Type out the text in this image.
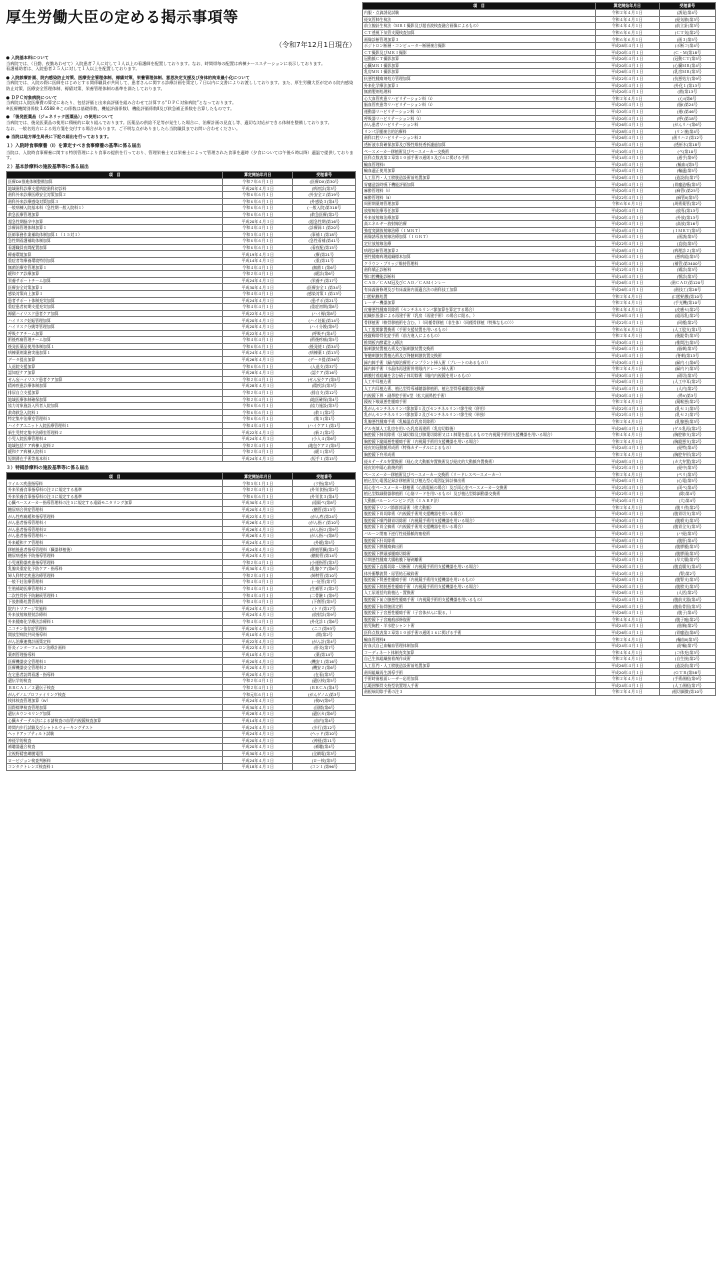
厚生労働大臣の定める掲示事項等
（令和7年12月1日現在）
● 入院基本料について

当病院では、（日勤、夜勤あわせて）入院患者７人に対して１人以上の看護師を配置しております。なお、時間帯毎の配置は病棟ナースステーションに表示しております。

看護補助者は、入院患者２５人に対して１人以上を配置しております。

● 入院診療計画、院内感染防止対策、医療安全管理体制、褥瘡対策、栄養管理体制、意思決定支援及び身体的拘束最小化について

当病院では、入院の際に医師をはじめとする関係職員が共同して、患者さんに関する診療計画を策定し７日以内に文書によりお渡ししております。また、厚生労働大臣が定める院内感染防止対策、医療安全管理体制、褥瘡対策、栄養管理体制の基準を満たしております。

● ＤＰＣ対象病院について

当病院は入院医療費の算定にあたり、包括評価と出来高評価を組み合わせて計算する“ＤＰＣ対象病院”となっております。

※医療機関別係数 1.6588 ※この係数は基礎係数、機能評価係数Ⅰ、機能評価係数Ⅱ及び救急補正係数を合算したものです。

● 「後発医薬品（ジェネリック医薬品）」の使用について

当病院では、後発医薬品の使用に積極的に取り組んでおります。医薬品の供給不足等が発生した場合に、治療計画の見直し等、適切な対応ができる体制を整備しております。

なお、一般名処方による処方箋を交付する場合があります。ご不明な点がありましたら当院職員までお問い合わせください。

● 当院は地方厚生局長に下記の届出を行っております。
１）入院時食事療養（Ⅰ）を算定すべき食事療養の基準に係る届出
当院は、入院時食事療養に関する特別管理により食事の提供を行っており、管理栄養士又は栄養士によって管理された食事を適時（夕食については午後６時以降）適温で提供しております。
２）基本診療料の施設基準等に係る届出
項　目	算定開始年月日	受理番号
医療DX推進体制整備加算	令和７年６月１日	(医療DX)第30号
地域歯科診療支援病院歯科初診料	平成20年４月１日	(病初診)第3号
歯科外来診療医療安全対策加算２	令和６年６月１日	(外安全２)第19号
歯科外来診療感染対策加算３	令和６年６月１日	(外感染３)第4号
一般病棟入院基本料（急性期一般入院料１）	令和６年６月１日	(一般入院)第318号
救急医療管理加算	令和６年６月１日	(救急医療)第2号
超急性期脳卒中加算	平成20年４月１日	(超急性期)第16号
診療録管理体制加算１	令和４年４月１日	(診療録１)第20号
医師事務作業補助体制加算１（１５対１）	令和５年４月１日	(事補１)第18号
急性期看護補助体制加算	令和６年６月１日	(急性看補)第41号
看護職員夜間配置加算	令和６年６月１日	(看夜配)第15号
療養環境加算	平成19年４月１日	(療)第21号
重症者等療養環境特別加算	平成14年４月１日	(重)第11号
無菌治療室管理加算１	令和４年４月１日	(無菌１)第6号
緩和ケア診療加算	令和２年４月１日	(緩診)第6号
栄養サポートチーム加算	平成24年４月１日	(栄養チ)第17号
医療安全対策加算１	平成30年４月１日	(医療安全１)第34号
感染対策向上加算１	令和４年４月１日	(感染対策１)第13号
患者サポート体制充実加算	平成24年４月１日	(患サポ)第21号
重症患者初期支援充実加算	令和４年４月１日	(重症初期)第8号
褥瘡ハイリスク患者ケア加算	平成22年４月１日	(ハイ褥)第8号
ハイリスク妊娠管理加算	平成20年４月１日	(ハイ妊娠)第14号
ハイリスク分娩等管理加算	平成20年４月１日	(ハイ分娩)第9号
呼吸ケアチーム加算	平成22年４月１日	(呼吸チ)第4号
術後疼痛管理チーム加算	令和４年４月１日	(術後疼痛)第5号
後発医薬品使用体制加算１	令和６年６月１日	(後発使１)第34号
病棟薬剤業務実施加算１	平成24年４月１日	(病棟薬１)第13号
データ提出加算	平成26年４月１日	(データ提)第36号
入退院支援加算	令和６年６月１日	(入退支)第37号
認知症ケア加算	平成28年４月１日	(認ケア)第16号
せん妄ハイリスク患者ケア加算	令和２年４月１日	(せん妄ケア)第5号
精神疾患診療体制加算	平成28年４月１日	(精疾診)第3号
排尿自立支援加算	令和２年４月１日	(排自支)第12号
地域医療体制確保加算	令和２年４月１日	(地医確保)第4号
協力対象施設入所者入院加算	令和６年６月１日	(協力施設)第3号
救命救急入院料１	令和６年６月１日	(救１)第2号
特定集中治療室管理料５	令和６年６月１日	(集５)第1号
ハイケアユニット入院医療管理料１	令和４年４月１日	(ハイケア１)第1号
新生児特定集中治療室管理料２	平成22年４月１日	(新２)第2号
小児入院医療管理料４	平成24年４月１日	(小入４)第6号
地域包括ケア病棟入院料２	令和２年４月１日	(地包ケア２)第5号
緩和ケア病棟入院料１	令和２年４月１日	(緩１)第3号
短期滞在手術等基本料１	平成24年４月１日	(短手１)第15号
３）特掲診療料の施設基準等に係る届出
項　目	算定開始年月日	受理番号
ウイルス疾患指導料	令和５年１月１日	(ウ指)第3号
外来栄養食事指導料の注２に規定する基準	令和２年４月１日	(外栄食指)第2号
外来栄養食事指導料の注３に規定する基準	令和６年６月１日	(外栄食３)第4号
心臓ペースメーカー指導管理料の注５に規定する遠隔モニタリング加算	平成30年４月１日	(遠隔ペ)第8号
糖尿病合併症管理料	平成20年４月１日	(糖管)第13号
がん性疼痛緩和指導管理料	平成22年４月１日	(がん疼)第24号
がん患者指導管理料イ	平成26年４月１日	(がん指イ)第10号
がん患者指導管理料ロ	平成26年４月１日	(がん指ロ)第9号
がん患者指導管理料ハ	平成26年４月１日	(がん指ハ)第8号
外来緩和ケア管理料	平成24年４月１日	(外緩)第5号
移植後患者指導管理料（臓器移植後）	平成24年４月１日	(移植管臓)第2号
糖尿病透析予防指導管理料	平成24年４月１日	(糖防管)第14号
小児運動器疾患指導管理料	令和２年４月１日	(小運指管)第3号
乳腺炎重症化予防ケア・指導料	平成30年４月１日	(乳腺ケア)第6号
婦人科特定疾患治療管理料	令和２年４月１日	(婦特管)第10号
一般不妊治療管理料	令和４年４月１日	(一妊管)第7号
生殖補助医療管理料２	令和４年４月１日	(生補管２)第2号
二次性骨折予防継続管理料１	令和４年４月１日	(二骨継１)第9号
下肢創傷処置管理料	令和４年４月１日	(下創管)第5号
院内トリアージ実施料	平成24年４月１日	(トリ)第17号
外来放射線照射診療料	平成24年４月１日	(放射診)第9号
外来腫瘍化学療法診療料１	令和４年４月１日	(外化診１)第6号
ニコチン依存症管理料	平成20年４月１日	(ニコ)第93号
開放型病院共同指導料	平成10年４月１日	(開)第2号
がん治療連携計画策定料	平成22年４月１日	(がん計)第4号
肝炎インターフェロン治療計画料	平成22年４月１日	(肝炎)第7号
薬剤管理指導料	平成10年４月１日	(薬)第14号
医療機器安全管理料１	平成20年４月１日	(機安１)第16号
医療機器安全管理料２	平成20年４月１日	(機安２)第6号
在宅患者訪問看護・指導料	平成20年４月１日	(在看)第3号
遺伝学的検査	令和２年４月１日	(遺伝検)第5号
ＢＲＣＡ１／２遺伝子検査	令和２年４月１日	(ＢＲＣＡ)第4号
がんゲノムプロファイリング検査	令和元年６月１日	(がんゲノム)第3号
検体検査管理加算（Ⅳ）	平成24年４月１日	(検Ⅳ)第9号
国際標準検査管理加算	平成30年４月１日	(国標)第6号
遺伝カウンセリング加算	平成28年４月１日	(遺伝カ)第6号
心臓カテーテル法による諸検査の血管内視鏡検査加算	平成14年４月１日	(血内)第4号
時間内歩行試験及びシャトルウォーキングテスト	平成24年４月１日	(歩行)第12号
ヘッドアップティルト試験	平成24年４月１日	(ヘッド)第10号
神経学的検査	平成20年４月１日	(神経)第11号
補聴器適合検査	平成20年４月１日	(補聴)第4号
全視野精密網膜電図	平成30年４月１日	(全網電)第3号
ロービジョン検査判断料	平成24年４月１日	(ロー検)第5号
コンタクトレンズ検査料１	平成18年４月１日	(コン１)第96号
項　目	算定開始年月日	受理番号
内服・点滴誘発試験	令和２年４月１日	(誘発)第4号
経気管肺生検法	令和４年４月１日	(経気肺)第3号
前立腺針生検法（ＭＲＩ撮影及び超音波検査融合画像によるもの）	令和４年４月１日	(前立針)第3号
ＣＴ透視下気管支鏡検査加算	令和６年６月１日	(ＣＴ気)第2号
画像診断管理加算３	令和６年６月１日	(画３)第5号
ポジトロン断層・コンピューター断層複合撮影	平成28年４月１日	(ポ断コ)第4号
ＣＴ撮影及びＭＲＩ撮影	平成20年４月１日	(Ｃ・Ｍ)第18号
冠動脈ＣＴ撮影加算	平成20年４月１日	(冠動ＣＴ)第5号
心臓ＭＲＩ撮影加算	平成20年４月１日	(心臓ＭＲ)第4号
乳房ＭＲＩ撮影加算	平成26年４月１日	(乳房ＭＲ)第3号
抗悪性腫瘍剤処方管理加算	平成22年４月１日	(抗悪処方)第9号
外来化学療法加算１	平成20年４月１日	(外化１)第13号
無菌製剤処理料	平成20年４月１日	(菌)第13号
心大血管疾患リハビリテーション料（Ⅰ）	令和２年４月１日	(心Ⅰ)第6号
脳血管疾患等リハビリテーション料（Ⅰ）	平成20年４月１日	(脳Ⅰ)第24号
運動器リハビリテーション料（Ⅰ）	平成20年４月１日	(運Ⅰ)第46号
呼吸器リハビリテーション料（Ⅰ）	平成20年４月１日	(呼Ⅰ)第18号
がん患者リハビリテーション料	平成26年４月１日	(がんリハ)第6号
リンパ浮腫複合的治療料	平成28年４月１日	(リン複)第4号
歯科口腔リハビリテーション料２	平成26年４月１日	(歯リハ２)第12号
透析液水質確保加算及び慢性維持透析濾過加算	平成24年４月１日	(透析水)第18号
ペースメーカー移植術及びペースメーカー交換術	平成10年４月１日	(ペ)第10号
医科点数表第２章第１０部手術の通則５及び６に掲げる手術	平成14年４月１日	(通手)第9号
輸血管理料Ⅰ	平成24年４月１日	(輸血Ⅰ)第5号
輸血適正使用加算	平成24年４月１日	(輸適)第5号
人工肛門・人工膀胱造設術前処置加算	平成26年４月１日	(造設前)第7号
胃瘻造設時嚥下機能評価加算	平成26年４月１日	(胃瘻造嚥)第5号
麻酔管理料（Ⅰ）	平成20年４月１日	(麻管Ⅰ)第25号
麻酔管理料（Ⅱ）	平成22年４月１日	(麻管Ⅱ)第5号
周術期薬剤管理加算	令和６年６月１日	(周術薬管)第2号
放射線治療専任加算	平成20年４月１日	(放専)第13号
外来放射線治療加算	平成20年４月１日	(外放)第13号
高エネルギー放射線治療	平成20年４月１日	(高放)第16号
強度変調放射線治療（ＩＭＲＴ）	平成24年４月１日	(ＩＭＲＴ)第5号
画像誘導放射線治療加算（ＩＧＲＴ）	平成24年４月１日	(画誘)第5号
定位放射線治療	平成22年４月１日	(直放)第5号
病理診断管理加算２	平成28年４月１日	(病理診２)第3号
悪性腫瘍病理組織標本加算	平成30年４月１日	(悪病組)第5号
クラウン・ブリッジ維持管理料	平成10年４月１日	(補管)第3400号
歯科矯正診断料	平成12年４月１日	(矯診)第3号
顎口腔機能診断料	平成14年４月１日	(顎診)第3号
ＣＡＤ／ＣＡＭ冠及びＣＡＤ／ＣＡＭインレー	平成26年４月１日	(歯ＣＡＤ)第120号
有床義歯修理及び有床義歯内面適合法の歯科技工加算	平成26年４月１日	(歯技工)第28号
口腔粘膜処置	令和２年４月１日	(口腔粘膜)第10号
レーザー機器加算	令和２年４月１日	(手光機)第10号
皮膚悪性腫瘍切除術（センチネルリンパ節加算を算定する場合）	令和４年４月１日	(皮膚セ)第2号
組織拡張器による再建手術（乳房（再建手術）の場合に限る。）	平成26年４月１日	(組再乳)第2号
骨移植術（軟骨移植術を含む。）（同種骨移植（非生体）（同種骨移植（特殊なもの）））	平成22年４月１日	(同種)第2号
人工股関節置換術（手術支援装置を用いるもの）	令和６年６月１日	(人工股支)第1号
後縦靱帯骨化症手術（前方進入によるもの）	令和２年４月１日	(後縦骨)第3号
椎間板内酵素注入療法	平成30年４月１日	(椎間注)第5号
脳刺激装置植込術及び脳刺激装置交換術	平成26年４月１日	(脳刺)第3号
脊髄刺激装置植込術及び脊髄刺激装置交換術	平成14年４月１日	(脊刺)第13号
緑内障手術（緑内障治療用インプラント挿入術（プレートのあるもの））	平成30年４月１日	(緑内イ)第6号
緑内障手術（水晶体再建術併用眼内ドレーン挿入術）	令和２年４月１日	(緑内ド)第3号
網膜付着組織を含む硝子体切除術（眼内内視鏡を用いるもの）	平成30年４月１日	(硝切)第3号
人工中耳植込術	平成26年４月１日	(人工中耳)第2号
人工内耳植込術、植込型骨導補聴器移植術、植込型骨導補聴器交換術	平成14年４月１日	(人内)第2号
内視鏡下鼻・副鼻腔手術Ⅴ型（拡大副鼻腔手術）	平成30年４月１日	(鼻Ⅴ)第3号
鏡視下喉頭悪性腫瘍手術	令和２年４月１日	(鏡喉悪)第2号
乳がんセンチネルリンパ節加算１及びセンチネルリンパ節生検（併用）	平成22年４月１日	(乳セ１)第5号
乳がんセンチネルリンパ節加算２及びセンチネルリンパ節生検（単独）	平成22年４月１日	(乳セ２)第7号
乳腺悪性腫瘍手術（乳輪温存乳房切除術）	令和２年４月１日	(乳腺悪)第3号
ゲル充填人工乳房を用いた乳房再建術（乳房切除後）	平成26年４月１日	(ゲル乳再)第2号
胸腔鏡下肺切除術（区域切除及び肺葉切除術又は１肺葉を超えるもので内視鏡手術用支援機器を用いる場合）	令和４年４月１日	(胸腔肺支)第2号
胸腔鏡下縦隔悪性腫瘍手術（内視鏡手術用支援機器を用いる場合）	令和２年４月１日	(胸縦悪支)第2号
経皮的冠動脈形成術（特殊カテーテルによるもの）	平成24年４月１日	(経特)第4号
胸腔鏡下弁形成術	令和２年４月１日	(胸腔弁形)第2号
経カテーテル弁置換術（経心尖大動脈弁置換術及び経皮的大動脈弁置換術）	平成28年４月１日	(カ大弁置)第2号
経皮的中隔心筋焼灼術	平成22年４月１日	(経中)第3号
ペースメーカー移植術及びペースメーカー交換術（リードレスペースメーカー）	令和２年４月１日	(ペリ)第3号
植込型心電図記録計移植術及び植込型心電図記録計摘出術	平成26年４月１日	(心電)第5号
両心室ペースメーカー移植術（心筋電極の場合）及び両心室ペースメーカー交換術	平成22年４月１日	(両ペ)第4号
植込型除細動器移植術（心筋リードを用いるもの）及び植込型除細動器交換術	平成22年４月１日	(除)第4号
大動脈バルーンパンピング法（ＩＡＢＰ法）	平成10年４月１日	(大)第4号
腹腔鏡下リンパ節群郭清術（傍大動脈）	令和２年４月１日	(腹リ傍)第2号
腹腔鏡下胃切除術（内視鏡手術用支援機器を用いる場合）	平成30年４月１日	(腹胃切支)第3号
腹腔鏡下噴門側胃切除術（内視鏡手術用支援機器を用いる場合）	平成30年４月１日	(腹噴支)第3号
腹腔鏡下胃全摘術（内視鏡手術用支援機器を用いる場合）	平成30年４月１日	(腹胃全支)第3号
バルーン閉塞下逆行性経静脈的塞栓術	平成30年４月１日	(バ経)第3号
腹腔鏡下肝切除術	平成28年４月１日	(腹肝)第4号
腹腔鏡下膵腫瘍摘出術	平成28年４月１日	(腹膵腫)第3号
腹腔鏡下膵頭部腫瘍切除術	平成30年４月１日	(腹膵頭)第3号
早期悪性腫瘍大腸粘膜下層剥離術	平成24年４月１日	(早大腸)第7号
腹腔鏡下直腸切除・切断術（内視鏡手術用支援機器を用いる場合）	平成30年４月１日	(腹直腸支)第4号
体外衝撃波腎・尿管結石破砕術	平成10年４月１日	(腎)第2号
腹腔鏡下腎悪性腫瘍手術（内視鏡手術用支援機器を用いるもの）	平成28年４月１日	(腹腎支)第3号
腹腔鏡下膀胱悪性腫瘍手術（内視鏡手術用支援機器を用いる場合）	平成30年４月１日	(腹膀支)第3号
人工尿道括約筋植込・置換術	平成26年４月１日	(人括)第2号
腹腔鏡下前立腺悪性腫瘍手術（内視鏡手術用支援機器を用いるもの）	平成24年４月１日	(腹前支器)第4号
腹腔鏡下仙骨腟固定術	平成28年４月１日	(腹仙骨固)第3号
腹腔鏡下子宮悪性腫瘍手術（子宮体がんに限る。）	平成26年４月１日	(腹子)第4号
腹腔鏡下子宮瘢痕部修復術	令和４年４月１日	(腹子瘢)第2号
胎児胸腔・羊水腔シャント術	平成24年４月１日	(胎胸)第2号
医科点数表第２章第１０部手術の通則１６に掲げる手術	平成26年４月１日	(胃瘻造)第8号
輸血管理料Ⅱ	令和２年４月１日	(輸血Ⅱ)第3号
貯血式自己血輸血管理体制加算	平成24年４月１日	(貯輸)第7号
コーディネート体制充実加算	令和４年４月１日	(コ体充)第3号
自己生体組織接着剤作成術	令和２年４月１日	(自生接)第2号
人工肛門・人工膀胱造設術前処置加算	平成26年４月１日	(造設前)第7号
歯周組織再生誘導手術	平成20年４月１日	(ＧＴＲ)第58号
手術時歯根面レーザー応用加算	令和２年４月１日	(手術歯根)第9号
広範囲顎骨支持型装置埋入手術	平成24年４月１日	(人工歯根)第7号
歯根端切除手術の注３	令和２年４月１日	(根切顕微)第10号
